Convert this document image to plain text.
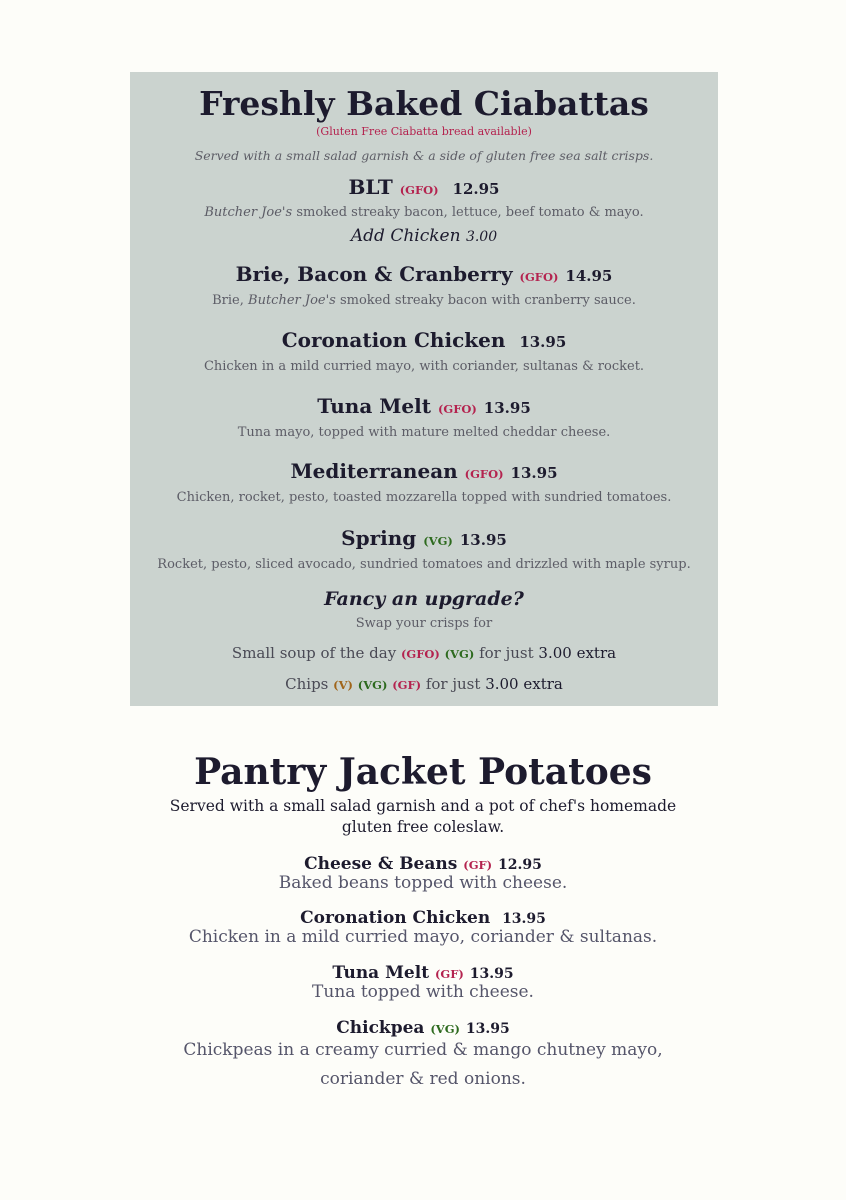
Freshly Baked Ciabattas
(Gluten Free Ciabatta bread available)
Served with a small salad garnish & a side of gluten free sea salt crisps.
BLT (GFO) 12.95
Butcher Joe's smoked streaky bacon, lettuce, beef tomato & mayo.
Add Chicken 3.00
Brie, Bacon & Cranberry (GFO) 14.95
Brie, Butcher Joe's smoked streaky bacon with cranberry sauce.
Coronation Chicken 13.95
Chicken in a mild curried mayo, with coriander, sultanas & rocket.
Tuna Melt (GFO) 13.95
Tuna mayo, topped with mature melted cheddar cheese.
Mediterranean (GFO) 13.95
Chicken, rocket, pesto, toasted mozzarella topped with sundried tomatoes.
Spring (VG) 13.95
Rocket, pesto, sliced avocado, sundried tomatoes and drizzled with maple syrup.
Fancy an upgrade?
Swap your crisps for
Small soup of the day (GFO) (VG) for just 3.00 extra
Chips (V) (VG) (GF) for just 3.00 extra
Pantry Jacket Potatoes
Served with a small salad garnish and a pot of chef's homemade
gluten free coleslaw.
Cheese & Beans (GF) 12.95
Baked beans topped with cheese.
Coronation Chicken 13.95
Chicken in a mild curried mayo, coriander & sultanas.
Tuna Melt (GF) 13.95
Tuna topped with cheese.
Chickpea (VG) 13.95
Chickpeas in a creamy curried & mango chutney mayo,
coriander & red onions.
